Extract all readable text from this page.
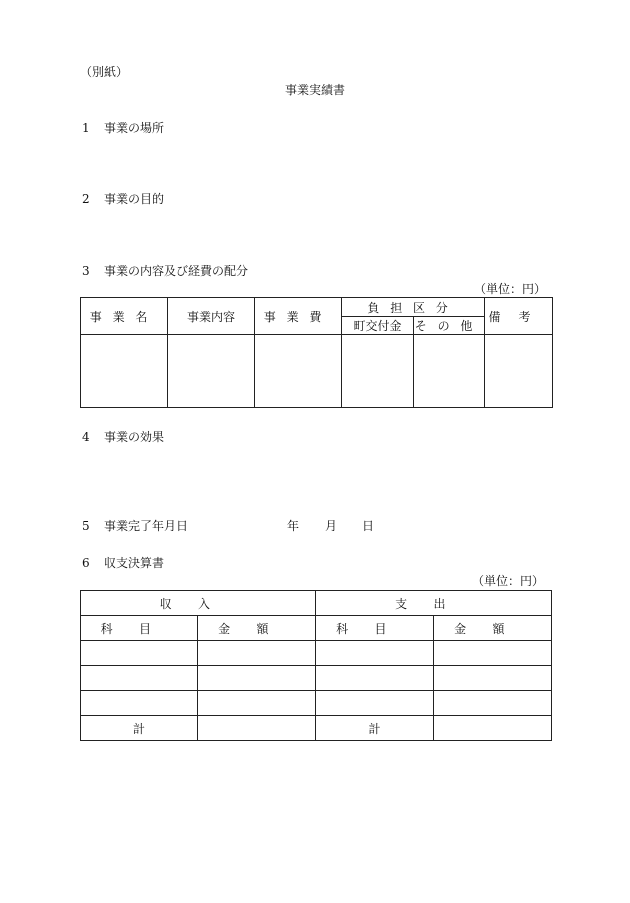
（別紙）
事業実績書
1 事業の場所
2 事業の目的
3 事業の内容及び経費の配分
（単位：円）
事業名	事業内容	事業費	負担区分		備考
			町交付金	その他	

4 事業の効果
5 事業完了年月日	年 月 日
6 収支決算書
（単位：円）
収入		支出	
科目	金額	科目	金額

計		計	
